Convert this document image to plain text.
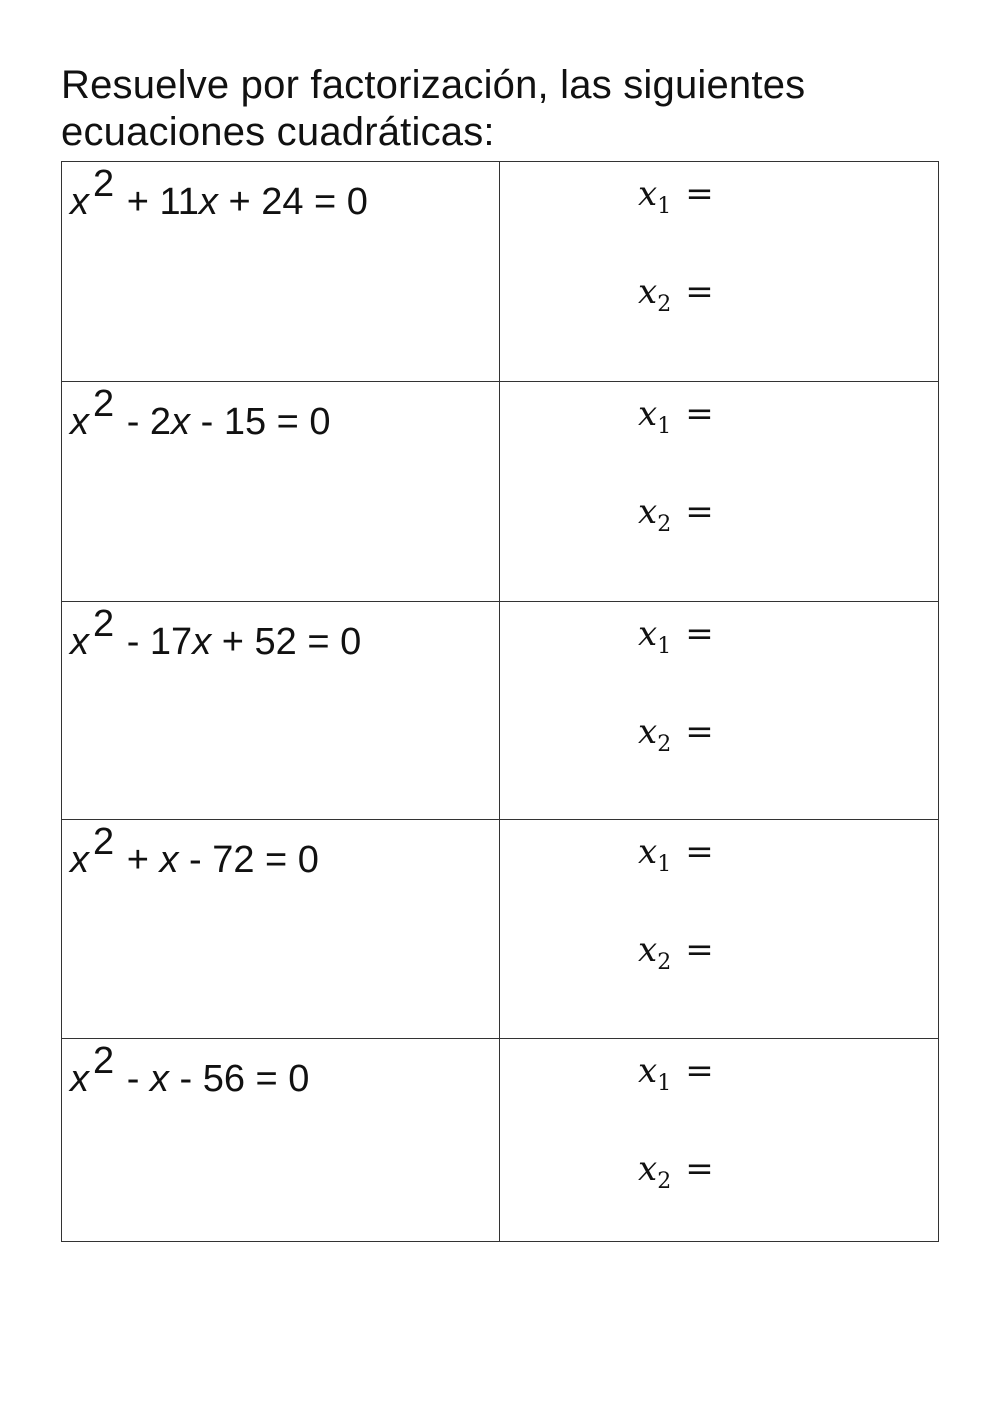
Resuelve por factorización, las siguientes
ecuaciones cuadráticas:
x $^2$ + 11x + 24 = 0	$x_1$ =
$x_2$ =
x $^2$ - 2x - 15 = 0	$x_1$ =
$x_2$ =
x $^2$ - 17x + 52 = 0	$x_1$ =
$x_2$ =
x $^2$ + x - 72 = 0	$x_1$ =
$x_2$ =
x $^2$ - x - 56 = 0	$x_1$ =
$x_2$ =
